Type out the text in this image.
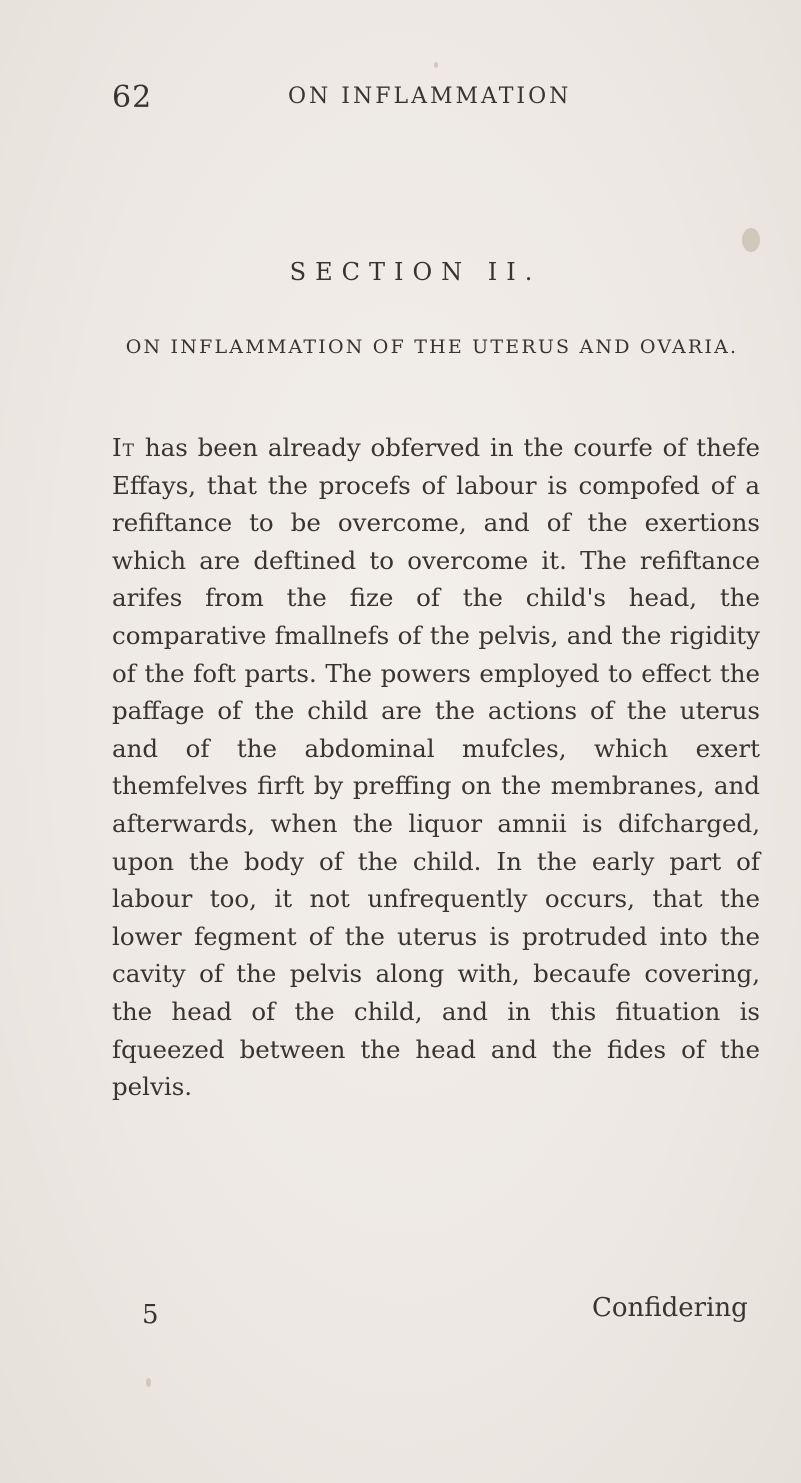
62	ON INFLAMMATION
SECTION II.
ON INFLAMMATION OF THE UTERUS AND OVARIA.
It has been already obferved in the courfe of thefe Effays, that the procefs of labour is compofed of a refiftance to be overcome, and of the exertions which are deftined to overcome it. The refiftance arifes from the fize of the child's head, the comparative fmallnefs of the pelvis, and the rigidity of the foft parts. The powers employed to effect the paffage of the child are the actions of the uterus and of the abdominal mufcles, which exert themfelves firft by preffing on the membranes, and afterwards, when the liquor amnii is difcharged, upon the body of the child. In the early part of labour too, it not unfrequently occurs, that the lower fegment of the uterus is protruded into the cavity of the pelvis along with, becaufe covering, the head of the child, and in this fituation is fqueezed between the head and the fides of the pelvis.
5	Confidering
